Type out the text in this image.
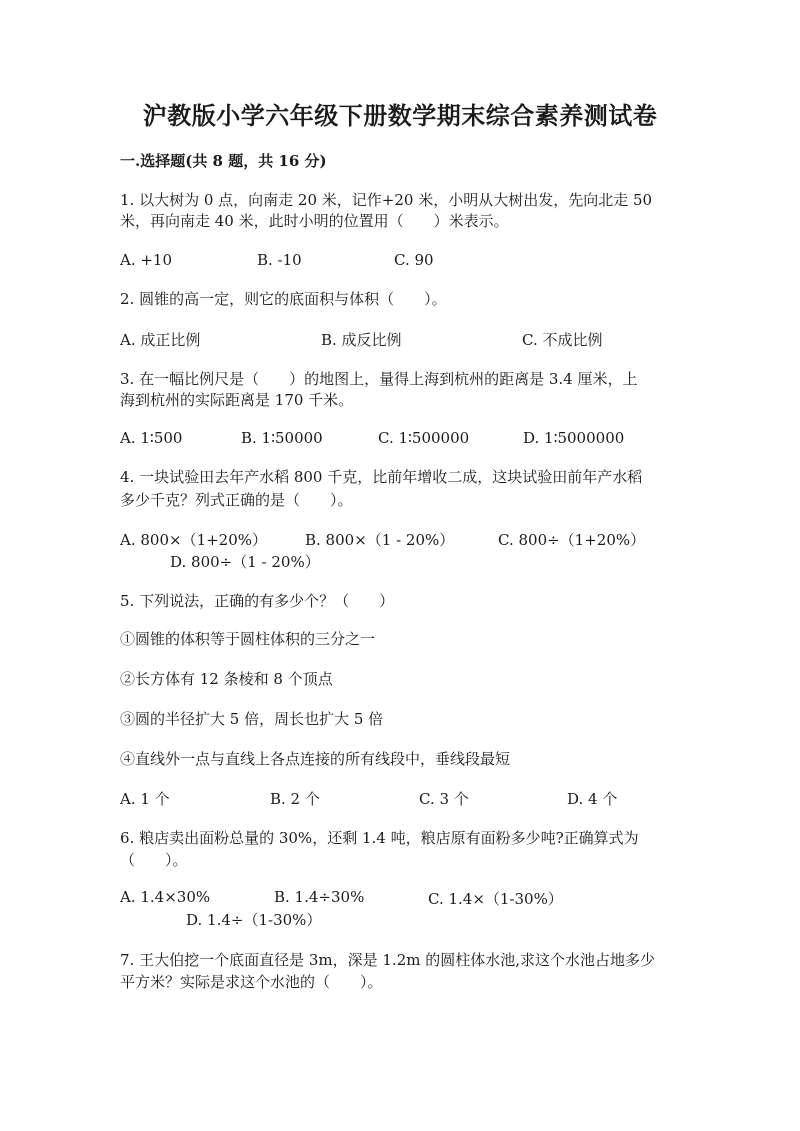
沪教版小学六年级下册数学期末综合素养测试卷
一.选择题(共 8 题，共 16 分)
1. 以大树为 0 点，向南走 20 米，记作+20 米，小明从大树出发，先向北走 50
米，再向南走 40 米，此时小明的位置用（　　）米表示。
A. +10	B. -10	C. 90
2. 圆锥的高一定，则它的底面积与体积（　　）。
A. 成正比例	B. 成反比例	C. 不成比例
3. 在一幅比例尺是（　　）的地图上，量得上海到杭州的距离是 3.4 厘米，上
海到杭州的实际距离是 170 千米。
A. 1∶500	B. 1∶50000	C. 1∶500000	D. 1∶5000000
4. 一块试验田去年产水稻 800 千克，比前年增收二成，这块试验田前年产水稻
多少千克？列式正确的是（　　）。
A. 800×（1+20%）	B. 800×（1 - 20%）	C. 800÷（1+20%）
D. 800÷（1 - 20%）
5. 下列说法，正确的有多少个？（　　）
①圆锥的体积等于圆柱体积的三分之一
②长方体有 12 条棱和 8 个顶点
③圆的半径扩大 5 倍，周长也扩大 5 倍
④直线外一点与直线上各点连接的所有线段中，垂线段最短
A. 1 个	B. 2 个	C. 3 个	D. 4 个
6. 粮店卖出面粉总量的 30%，还剩 1.4 吨，粮店原有面粉多少吨?正确算式为
（　　）。
A. 1.4×30%	B. 1.4÷30%	C. 1.4×（1-30%）
D. 1.4÷（1-30%）
7. 王大伯挖一个底面直径是 3m，深是 1.2m 的圆柱体水池,求这个水池占地多少
平方米？实际是求这个水池的（　　）。
